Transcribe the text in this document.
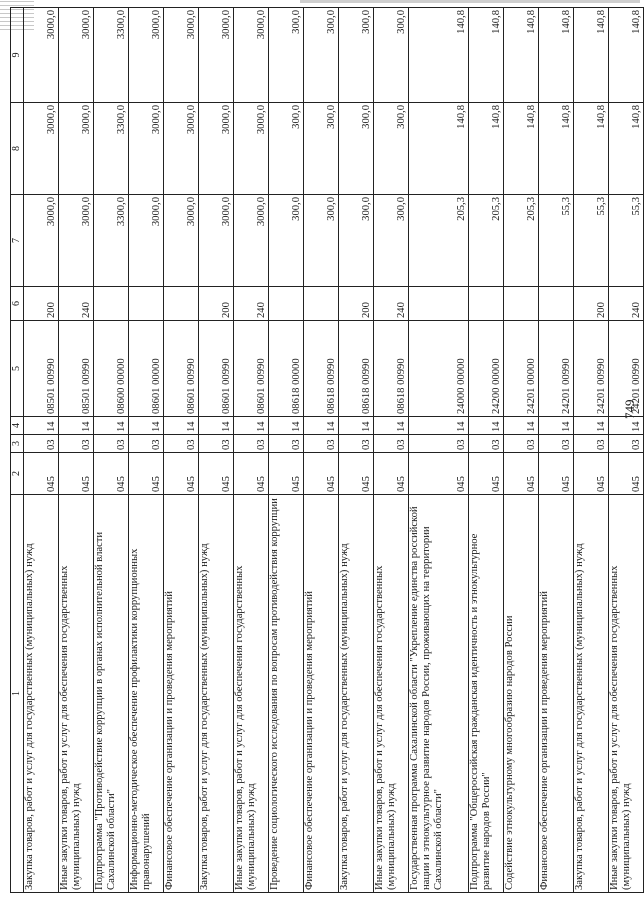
749
1	2	3	4	5	6	7	8	9
Закупка товаров, работ и услуг для государственных (муниципальных) нужд	045	03	14	08501 00990	200	3000,0	3000,0	3000,0
Иные закупки товаров, работ и услуг для обеспечения государственных (муниципальных) нужд	045	03	14	08501 00990	240	3000,0	3000,0	3000,0
Подпрограмма "Противодействие коррупции в органах исполнительной власти Сахалинской области"	045	03	14	08600 00000		3300,0	3300,0	3300,0
Информационно-методическое обеспечение профилактики коррупционных правонарушений	045	03	14	08601 00000		3000,0	3000,0	3000,0
Финансовое обеспечение организации и проведения мероприятий	045	03	14	08601 00990		3000,0	3000,0	3000,0
Закупка товаров, работ и услуг для государственных (муниципальных) нужд	045	03	14	08601 00990	200	3000,0	3000,0	3000,0
Иные закупки товаров, работ и услуг для обеспечения государственных (муниципальных) нужд	045	03	14	08601 00990	240	3000,0	3000,0	3000,0
Проведение социологического исследования по вопросам противодействия коррупции	045	03	14	08618 00000		300,0	300,0	300,0
Финансовое обеспечение организации и проведения мероприятий	045	03	14	08618 00990		300,0	300,0	300,0
Закупка товаров, работ и услуг для государственных (муниципальных) нужд	045	03	14	08618 00990	200	300,0	300,0	300,0
Иные закупки товаров, работ и услуг для обеспечения государственных (муниципальных) нужд	045	03	14	08618 00990	240	300,0	300,0	300,0
Государственная программа Сахалинской области "Укрепление единства российской нации и этнокультурное развитие народов России, проживающих на территории Сахалинской области"	045	03	14	24000 00000		205,3	140,8	140,8
Подпрограмма "Общероссийская гражданская идентичность и этнокультурное развитие народов России"	045	03	14	24200 00000		205,3	140,8	140,8
Содействие этнокультурному многообразию народов России	045	03	14	24201 00000		205,3	140,8	140,8
Финансовое обеспечение организации и проведения мероприятий	045	03	14	24201 00990		55,3	140,8	140,8
Закупка товаров, работ и услуг для государственных (муниципальных) нужд	045	03	14	24201 00990	200	55,3	140,8	140,8
Иные закупки товаров, работ и услуг для обеспечения государственных (муниципальных) нужд	045	03	14	24201 00990	240	55,3	140,8	140,8
